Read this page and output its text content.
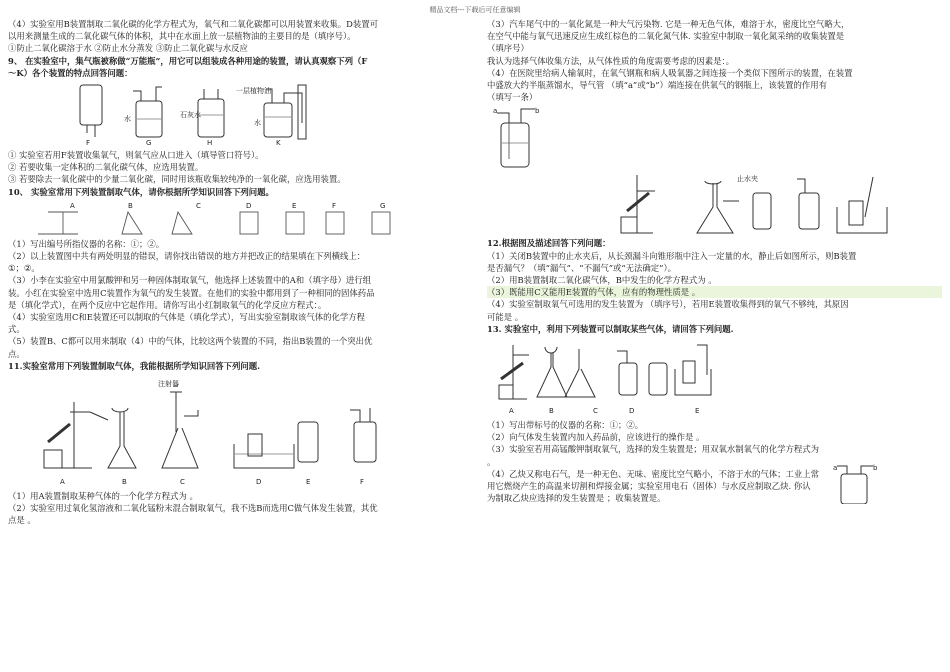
精品文档---下载后可任意编辑
（4）实验室用B装置制取二氧化碳的化学方程式为，氧气和二氧化碳都可以用装置来收集。D装置可
以用来测量生成的二氧化碳气体的体积，其中在水面上放一层植物油的主要目的是（填序号）。
①防止二氧化碳溶于水 ②防止水分蒸发 ③防止二氧化碳与水反应
9、 在实验室中，集气瓶被称做“万能瓶”，用它可以组装成各种用途的装置，请认真观察下列（F
～K）各个装置的特点回答问题：
F	G	H	K
水	石灰水
一层植物油
水
① 实验室若用F装置收集氧气，则氧气应从口进入（填导管口符号）。
② 若要收集一定体积的二氧化碳气体，应选用装置。
③ 若要除去一氧化碳中的少量二氧化碳，同时用该瓶收集较纯净的一氧化碳，应选用装置。
10、 实验室常用下列装置制取气体，请你根据所学知识回答下列问题。
A	B	C	D	E	F	G
（1）写出编号所指仪器的名称：①；②。
（2）以上装置图中共有两处明显的错误，请你找出错误的地方并把改正的结果填在下列横线上：
①；②。
（3）小李在实验室中用氯酸钾和另一种固体制取氧气，他选择上述装置中的A和（填字母）进行组
装。小红在实验室中选用C装置作为氧气的发生装置。在他们的实验中都用到了一种相同的固体药品
是（填化学式），在两个反应中它起作用。请你写出小红制取氧气的化学反应方程式：。
（4）实验室选用C和E装置还可以制取的气体是（填化学式），写出实验室制取该气体的化学方程
式。
（5）装置B、C都可以用来制取（4）中的气体，比较这两个装置的不同，指出B装置的一个突出优
点。
11.实验室常用下列装置制取气体，我能根据所学知识回答下列问题.
注射器
A	B	C	D	E	F
（1）用A装置制取某种气体的一个化学方程式为 。
（2）实验室用过氧化氢溶液和二氧化锰粉末混合制取氧气，我不选B而选用C做气体发生装置，其优
点是 。
（3）汽车尾气中的一氧化氮是一种大气污染物. 它是一种无色气体，难溶于水，密度比空气略大，
在空气中能与氧气迅速反应生成红棕色的二氧化氮气体. 实验室中制取一氧化氮采纳的收集装置是
（填序号）
我认为选择气体收集方法，从气体性质的角度需要考虑的因素是：。
（4）在医院里给病人输氧时，在氧气钢瓶和病人吸氧器之间连接一个类似下图所示的装置，在装置
中盛放大约半瓶蒸馏水，导气管 （填“a”或“b”）端连接在供氧气的钢瓶上，该装置的作用有
（填写一条）
a	b
止水夹
12.根据图及描述回答下列问题：
（1）关闭B装置中的止水夹后，从长颈漏斗向锥形瓶中注入一定量的水，静止后如图所示，则B装置
是否漏气？（填“漏气”、“不漏气”或“无法确定”）。
（2）用B装置制取二氧化碳气体，B中发生的化学方程式为 。
（3）既能用C又能用E装置的气体，应有的物理性质是 。
（4）实验室制取氧气可选用的发生装置为 （填序号），若用E装置收集得到的氧气不够纯，其原因
可能是 。
13. 实验室中，利用下列装置可以制取某些气体，请回答下列问题.
A	B	C	D	E
（1）写出带标号的仪器的名称：①；②。
（2）向气体发生装置内加入药品前，应该进行的操作是 。
（3）实验室若用高锰酸钾制取氧气，选择的发生装置是；用双氧水制氧气的化学方程式为
。
（4）乙炔又称电石气，是一种无色、无味、密度比空气略小，不溶于水的气体；工业上常
用它燃烧产生的高温来切割和焊接金属；实验室用电石（固体）与水反应制取乙炔. 你认
为制取乙炔应选择的发生装置是 ；收集装置是。
a	b
